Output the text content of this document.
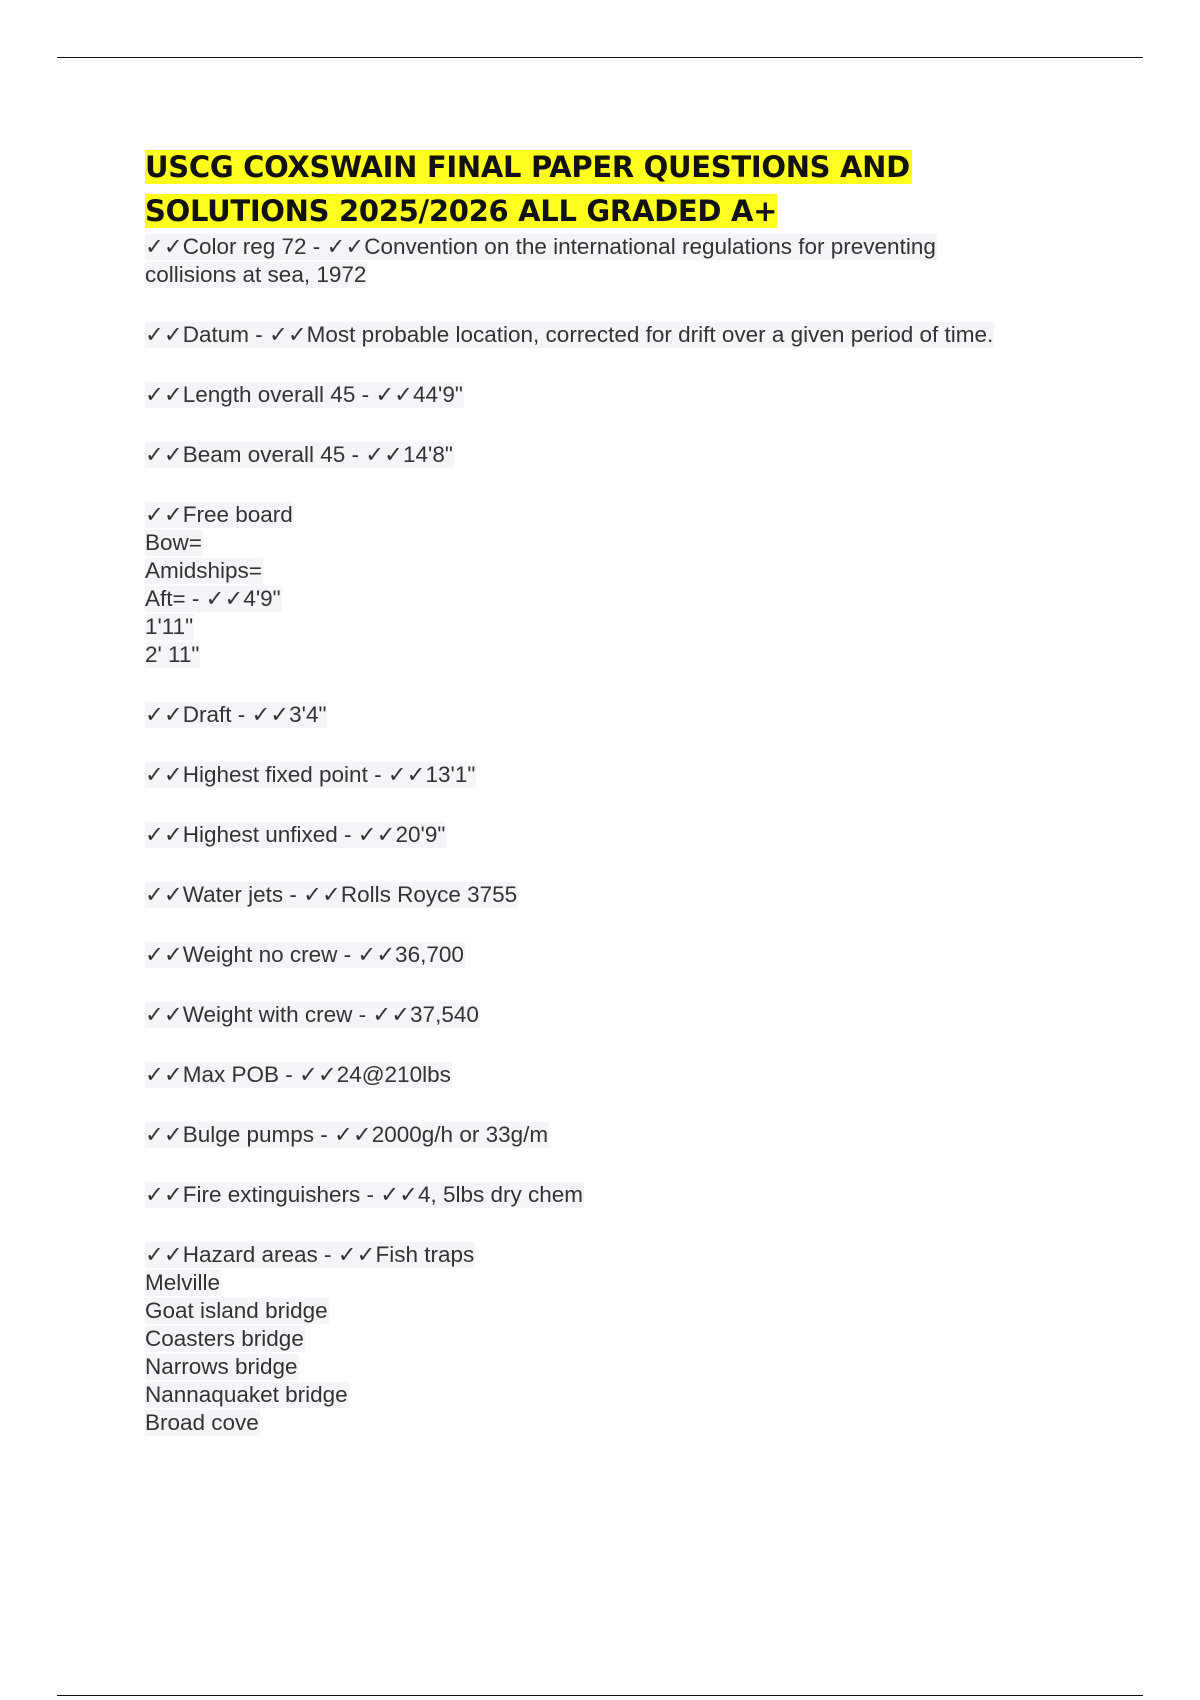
USCG COXSWAIN FINAL PAPER QUESTIONS AND
SOLUTIONS 2025/2026 ALL GRADED A+
✓✓Color reg 72 - ✓✓Convention on the international regulations for preventing
collisions at sea, 1972
✓✓Datum - ✓✓Most probable location, corrected for drift over a given period of time.
✓✓Length overall 45 - ✓✓44'9"
✓✓Beam overall 45 - ✓✓14'8"
✓✓Free board
Bow=
Amidships=
Aft= - ✓✓4'9"
1'11"
2' 11"
✓✓Draft - ✓✓3'4"
✓✓Highest fixed point - ✓✓13'1"
✓✓Highest unfixed - ✓✓20'9"
✓✓Water jets - ✓✓Rolls Royce 3755
✓✓Weight no crew - ✓✓36,700
✓✓Weight with crew - ✓✓37,540
✓✓Max POB - ✓✓24@210lbs
✓✓Bulge pumps - ✓✓2000g/h or 33g/m
✓✓Fire extinguishers - ✓✓4, 5lbs dry chem
✓✓Hazard areas - ✓✓Fish traps
Melville
Goat island bridge
Coasters bridge
Narrows bridge
Nannaquaket bridge
Broad cove
